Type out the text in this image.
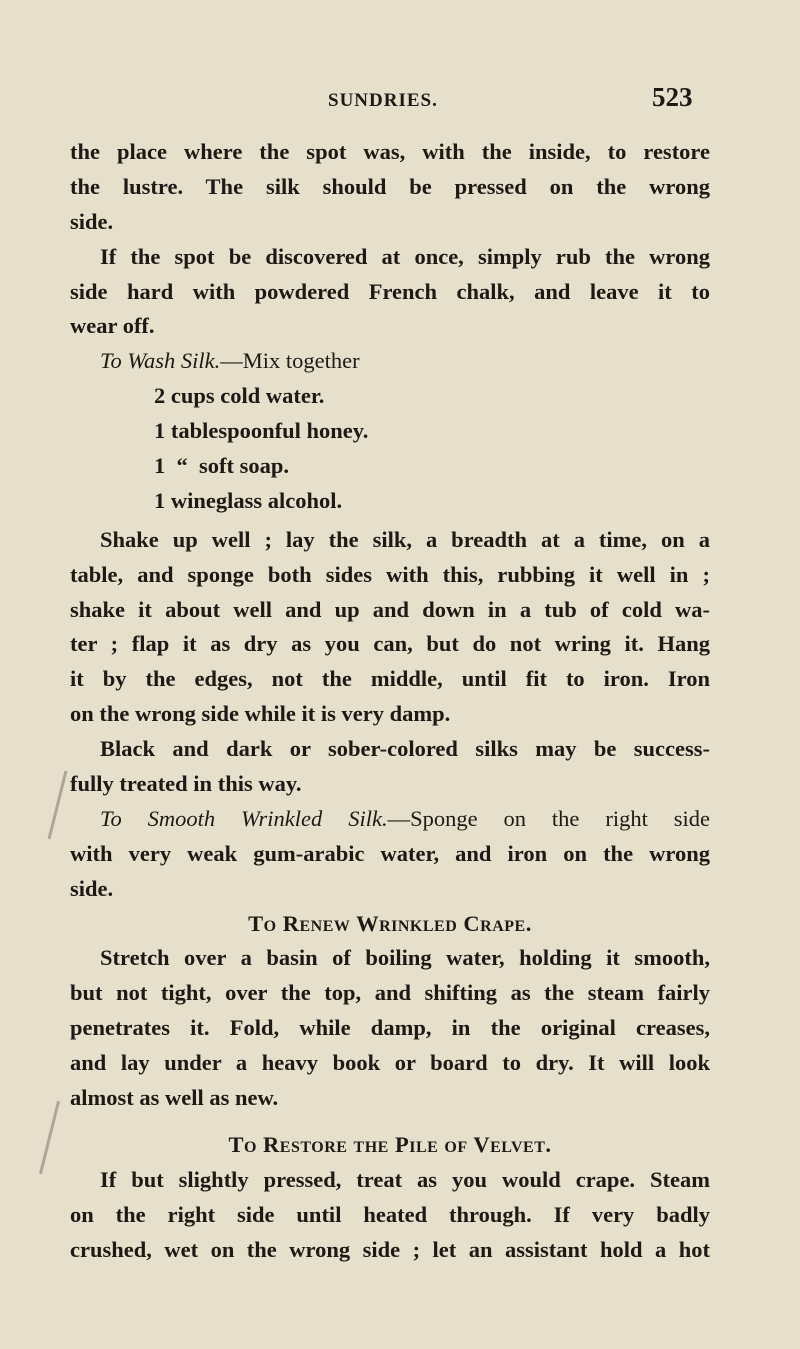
SUNDRIES.	523
the place where the spot was, with the inside, to restore
the lustre. The silk should be pressed on the wrong
side.
If the spot be discovered at once, simply rub the wrong
side hard with powdered French chalk, and leave it to
wear off.
To Wash Silk.—Mix together
2 cups cold water.
1 tablespoonful honey.
1  “  soft soap.
1 wineglass alcohol.
Shake up well ; lay the silk, a breadth at a time, on a
table, and sponge both sides with this, rubbing it well in ;
shake it about well and up and down in a tub of cold wa-
ter ; flap it as dry as you can, but do not wring it. Hang
it by the edges, not the middle, until fit to iron. Iron
on the wrong side while it is very damp.
Black and dark or sober-colored silks may be success-
fully treated in this way.
To Smooth Wrinkled Silk.—Sponge on the right side
with very weak gum-arabic water, and iron on the wrong
side.
To Renew Wrinkled Crape.
Stretch over a basin of boiling water, holding it smooth,
but not tight, over the top, and shifting as the steam fairly
penetrates it. Fold, while damp, in the original creases,
and lay under a heavy book or board to dry. It will look
almost as well as new.
To Restore the Pile of Velvet.
If but slightly pressed, treat as you would crape. Steam
on the right side until heated through. If very badly
crushed, wet on the wrong side ; let an assistant hold a hot
